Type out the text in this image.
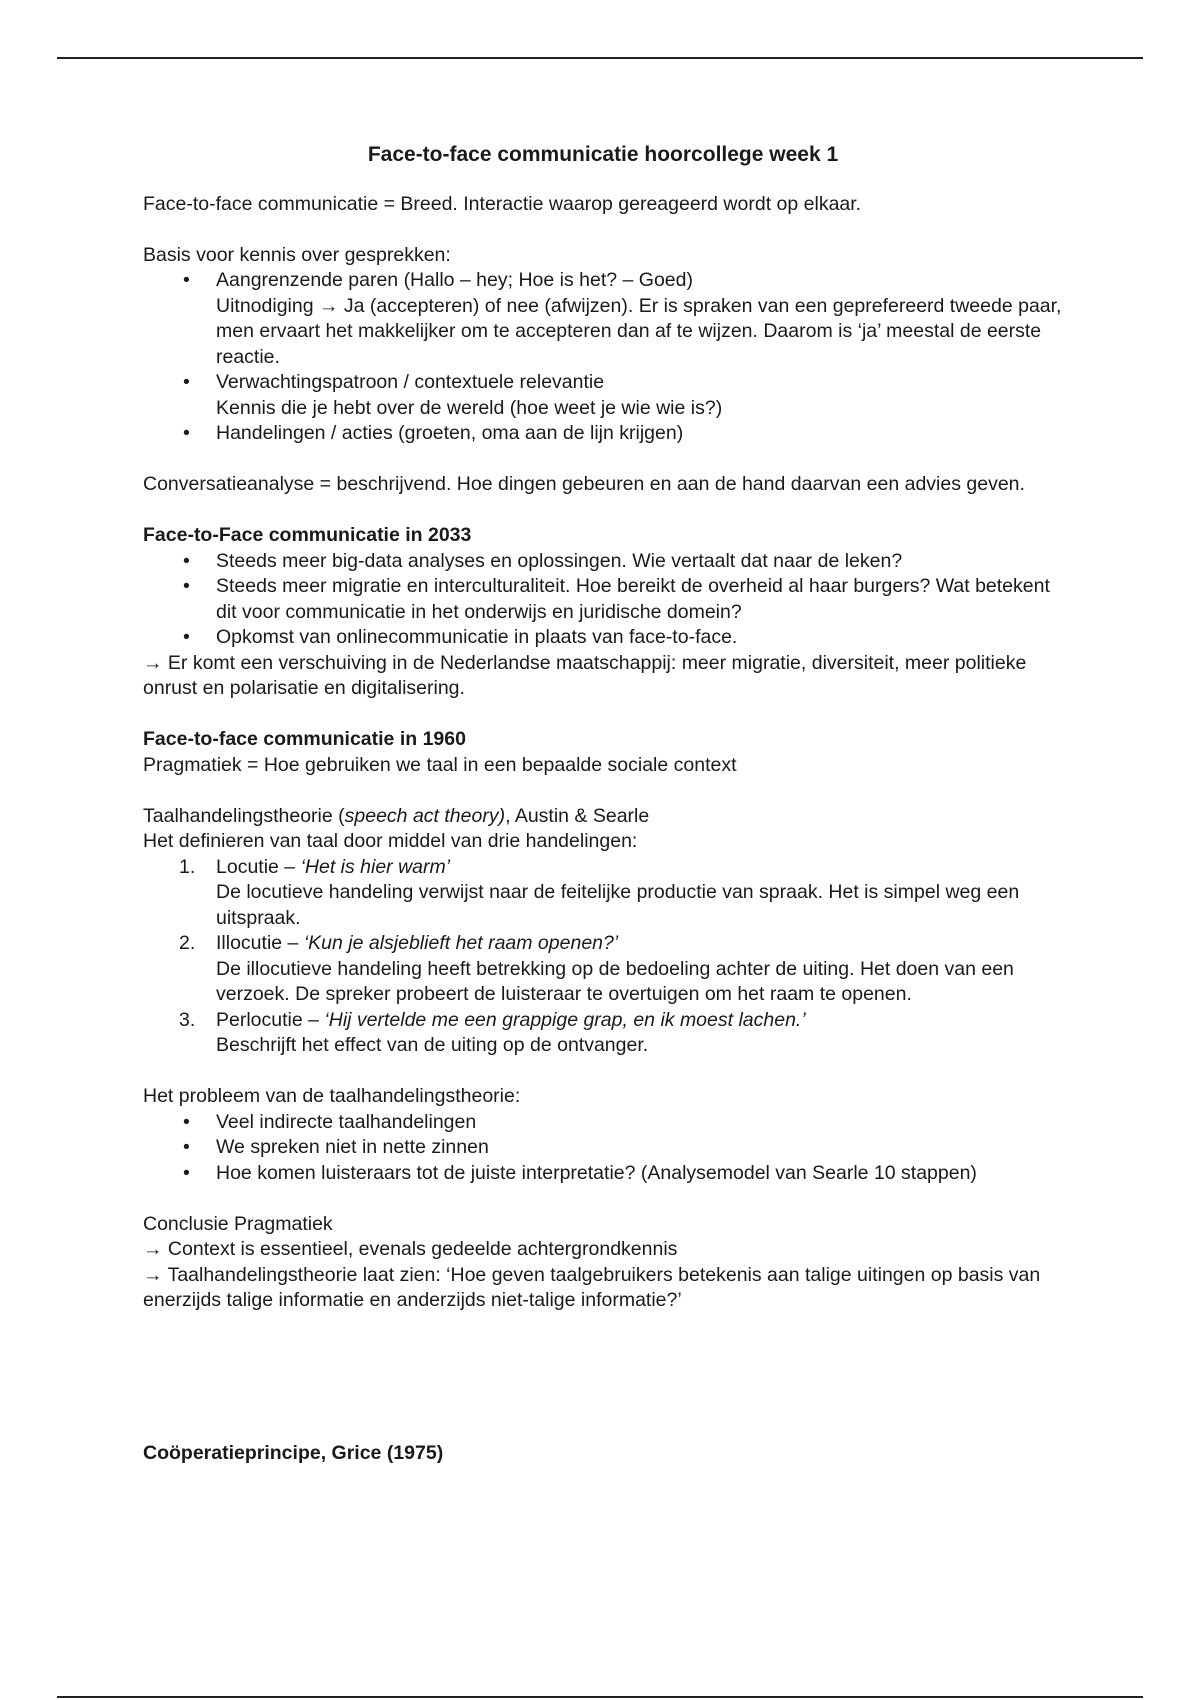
Face-to-face communicatie hoorcollege week 1

Face-to-face communicatie = Breed. Interactie waarop gereageerd wordt op elkaar.

Basis voor kennis over gesprekken:

• Aangrenzende paren (Hallo – hey; Hoe is het? – Goed)
Uitnodiging → Ja (accepteren) of nee (afwijzen). Er is spraken van een geprefereerd tweede paar, men ervaart het makkelijker om te accepteren dan af te wijzen. Daarom is ‘ja’ meestal de eerste reactie.
• Verwachtingspatroon / contextuele relevantie
Kennis die je hebt over de wereld (hoe weet je wie wie is?)
• Handelingen / acties (groeten, oma aan de lijn krijgen)

Conversatieanalyse = beschrijvend. Hoe dingen gebeuren en aan de hand daarvan een advies geven.

Face-to-Face communicatie in 2033

• Steeds meer big-data analyses en oplossingen. Wie vertaalt dat naar de leken?
• Steeds meer migratie en interculturaliteit. Hoe bereikt de overheid al haar burgers? Wat betekent dit voor communicatie in het onderwijs en juridische domein?
• Opkomst van onlinecommunicatie in plaats van face-to-face.

→ Er komt een verschuiving in de Nederlandse maatschappij: meer migratie, diversiteit, meer politieke onrust en polarisatie en digitalisering.

Face-to-face communicatie in 1960

Pragmatiek = Hoe gebruiken we taal in een bepaalde sociale context

Taalhandelingstheorie (speech act theory), Austin & Searle

Het definieren van taal door middel van drie handelingen:

1. Locutie – ‘Het is hier warm’
De locutieve handeling verwijst naar de feitelijke productie van spraak. Het is simpel weg een uitspraak.
2. Illocutie – ‘Kun je alsjeblieft het raam openen?’
De illocutieve handeling heeft betrekking op de bedoeling achter de uiting. Het doen van een verzoek. De spreker probeert de luisteraar te overtuigen om het raam te openen.
3. Perlocutie – ‘Hij vertelde me een grappige grap, en ik moest lachen.’
Beschrijft het effect van de uiting op de ontvanger.

Het probleem van de taalhandelingstheorie:

• Veel indirecte taalhandelingen
• We spreken niet in nette zinnen
• Hoe komen luisteraars tot de juiste interpretatie? (Analysemodel van Searle 10 stappen)

Conclusie Pragmatiek

→ Context is essentieel, evenals gedeelde achtergrondkennis

→ Taalhandelingstheorie laat zien: ‘Hoe geven taalgebruikers betekenis aan talige uitingen op basis van enerzijds talige informatie en anderzijds niet-talige informatie?’

Coöperatieprincipe, Grice (1975)
